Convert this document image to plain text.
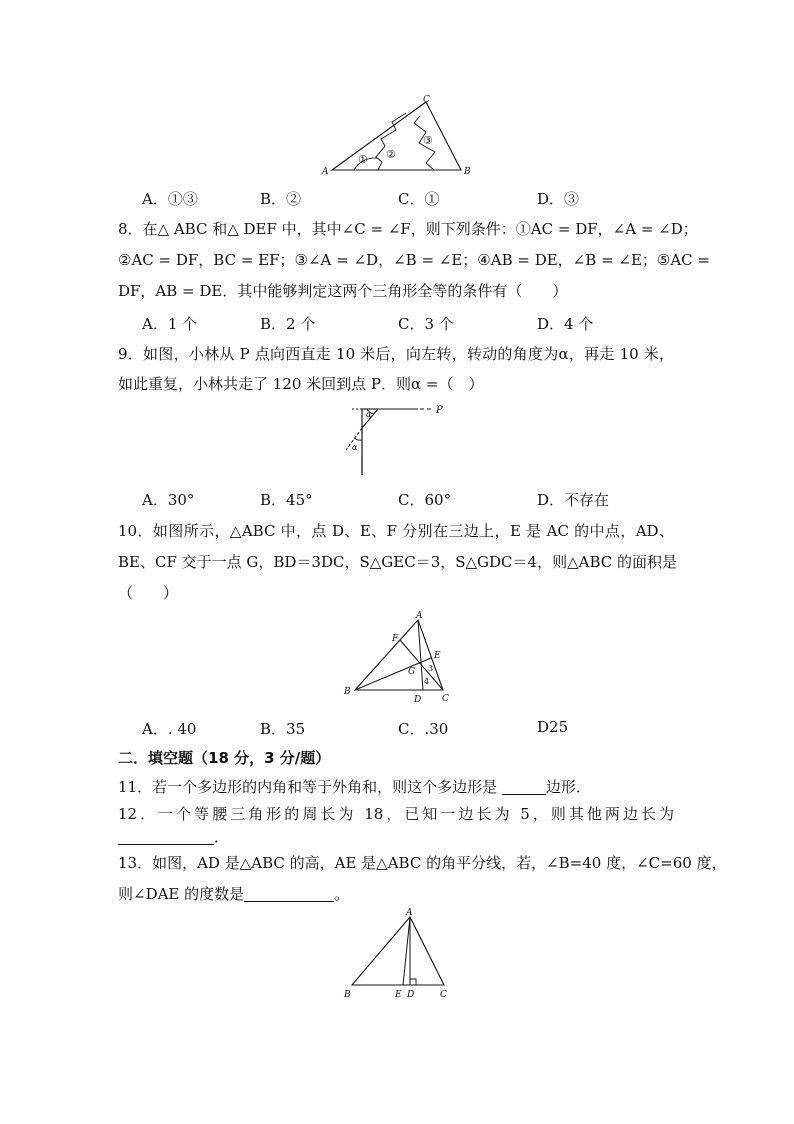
A	B
C
① ②
③
A．①③	B．②	C．①	D．③
8．在△ ABC 和△ DEF 中，其中∠C = ∠F，则下列条件：①AC = DF，∠A = ∠D；
②AC = DF，BC = EF；③∠A = ∠D，∠B = ∠E；④AB = DE，∠B = ∠E；⑤AC =
DF，AB = DE．其中能够判定这两个三角形全等的条件有（　　）
A．1 个	B．2 个	C．3 个	D．4 个
9．如图，小林从 P 点向西直走 10 米后，向左转，转动的角度为α，再走 10 米，
如此重复，小林共走了 120 米回到点 P．则α =（　）
P
α
α
A．30°	B．45°	C．60°	D．不存在
10．如图所示，△ABC 中，点 D、E、F 分别在三边上，E 是 AC 的中点，AD、
BE、CF 交于一点 G，BD＝3DC，S△GEC＝3，S△GDC＝4，则△ABC 的面积是
（　　）
A
B
C
D
E
F
G 3
4
A．. 40	B．35	C．.30	D25
二．填空题（18 分，3 分/题）
11．若一个多边形的内角和等于外角和，则这个多边形是	边形．
12．一个等腰三角形的周长为 18，已知一边长为 5，则其他两边长为
．
13．如图，AD 是△ABC 的高，AE 是△ABC 的角平分线，若，∠B=40 度，∠C=60 度，
则∠DAE 的度数是	。
A
B	E D	C
